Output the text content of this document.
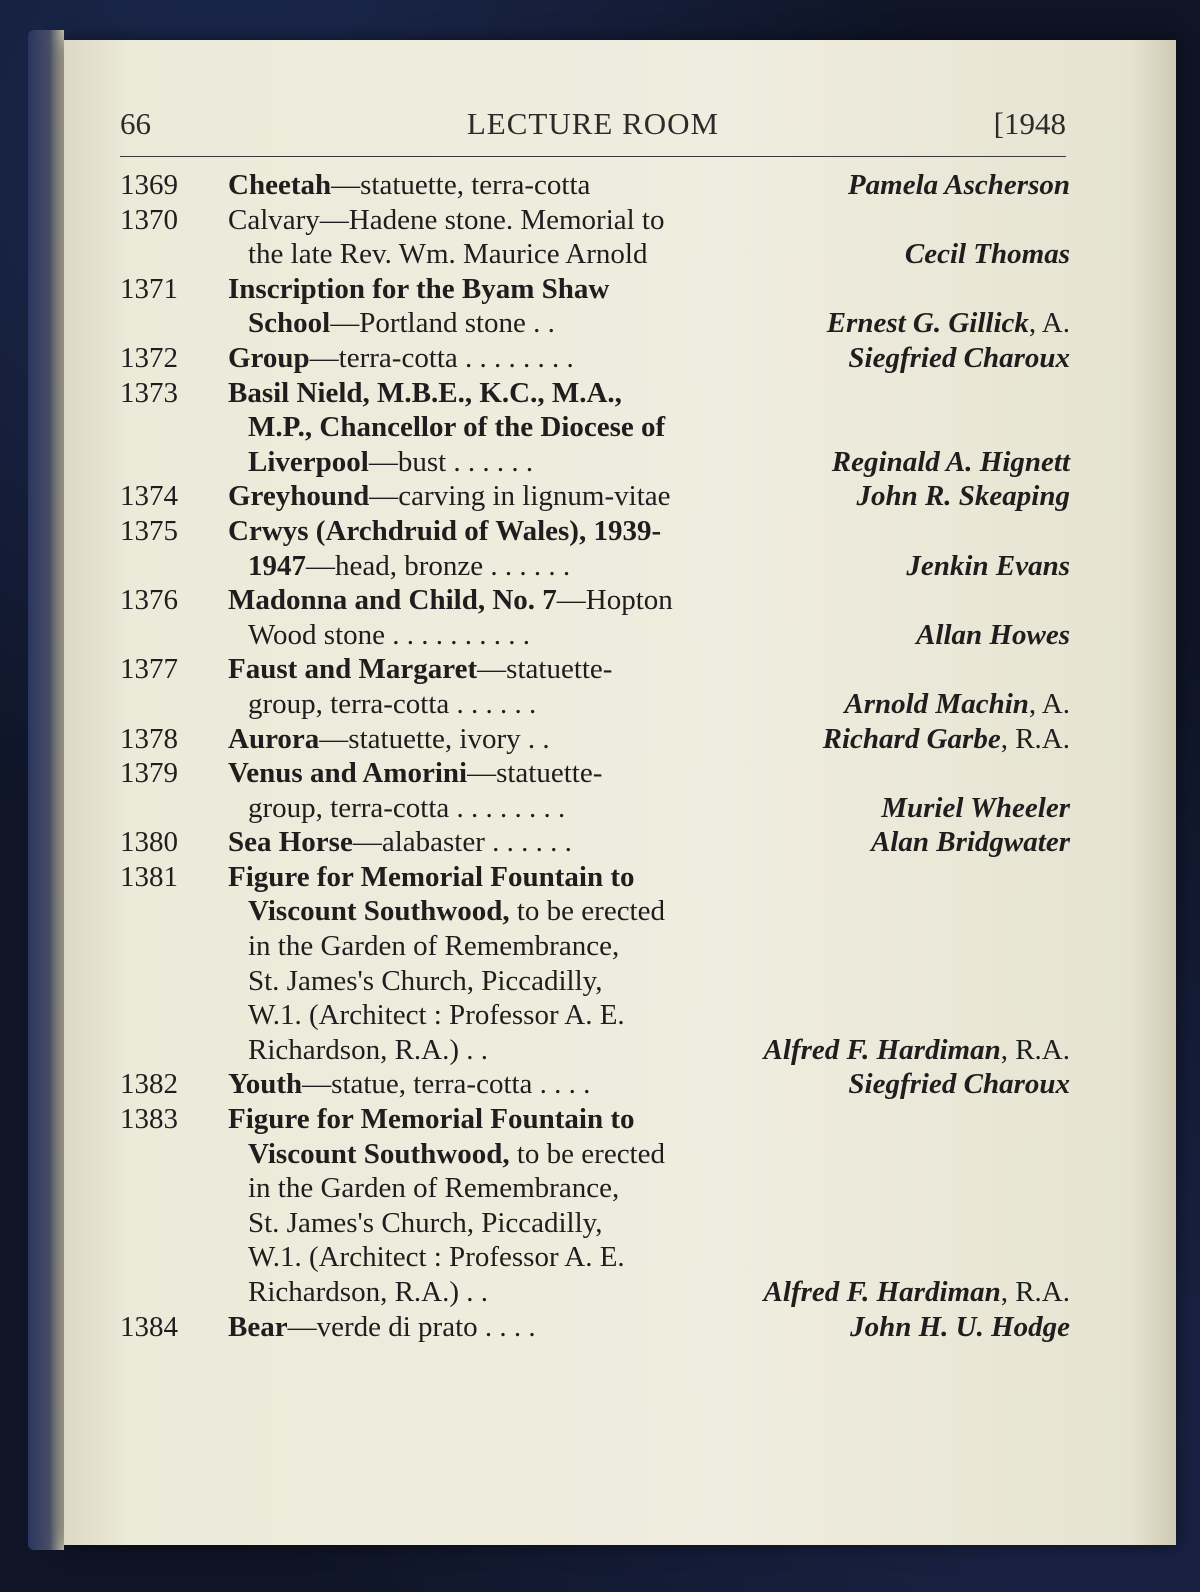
66	LECTURE ROOM	[1948
1369	Cheetah—statuette, terra-cotta	Pamela Ascherson
1370	Calvary—Hadene stone. Memorial to
the late Rev. Wm. Maurice Arnold	Cecil Thomas
1371	Inscription for the Byam Shaw
School—Portland stone . .	Ernest G. Gillick, A.
1372	Group—terra-cotta . . . . . . . .	Siegfried Charoux
1373	Basil Nield, M.B.E., K.C., M.A.,
M.P., Chancellor of the Diocese of
Liverpool—bust . . . . . .	Reginald A. Hignett
1374	Greyhound—carving in lignum-vitae	John R. Skeaping
1375	Crwys (Archdruid of Wales), 1939-
1947—head, bronze . . . . . .	Jenkin Evans
1376	Madonna and Child, No. 7—Hopton
Wood stone . . . . . . . . . .	Allan Howes
1377	Faust and Margaret—statuette-
group, terra-cotta . . . . . .	Arnold Machin, A.
1378	Aurora—statuette, ivory . .	Richard Garbe, R.A.
1379	Venus and Amorini—statuette-
group, terra-cotta . . . . . . . .	Muriel Wheeler
1380	Sea Horse—alabaster . . . . . .	Alan Bridgwater
1381	Figure for Memorial Fountain to
Viscount Southwood, to be erected
in the Garden of Remembrance,
St. James's Church, Piccadilly,
W.1. (Architect : Professor A. E.
Richardson, R.A.) . .	Alfred F. Hardiman, R.A.
1382	Youth—statue, terra-cotta . . . .	Siegfried Charoux
1383	Figure for Memorial Fountain to
Viscount Southwood, to be erected
in the Garden of Remembrance,
St. James's Church, Piccadilly,
W.1. (Architect : Professor A. E.
Richardson, R.A.) . .	Alfred F. Hardiman, R.A.
1384	Bear—verde di prato . . . .	John H. U. Hodge
